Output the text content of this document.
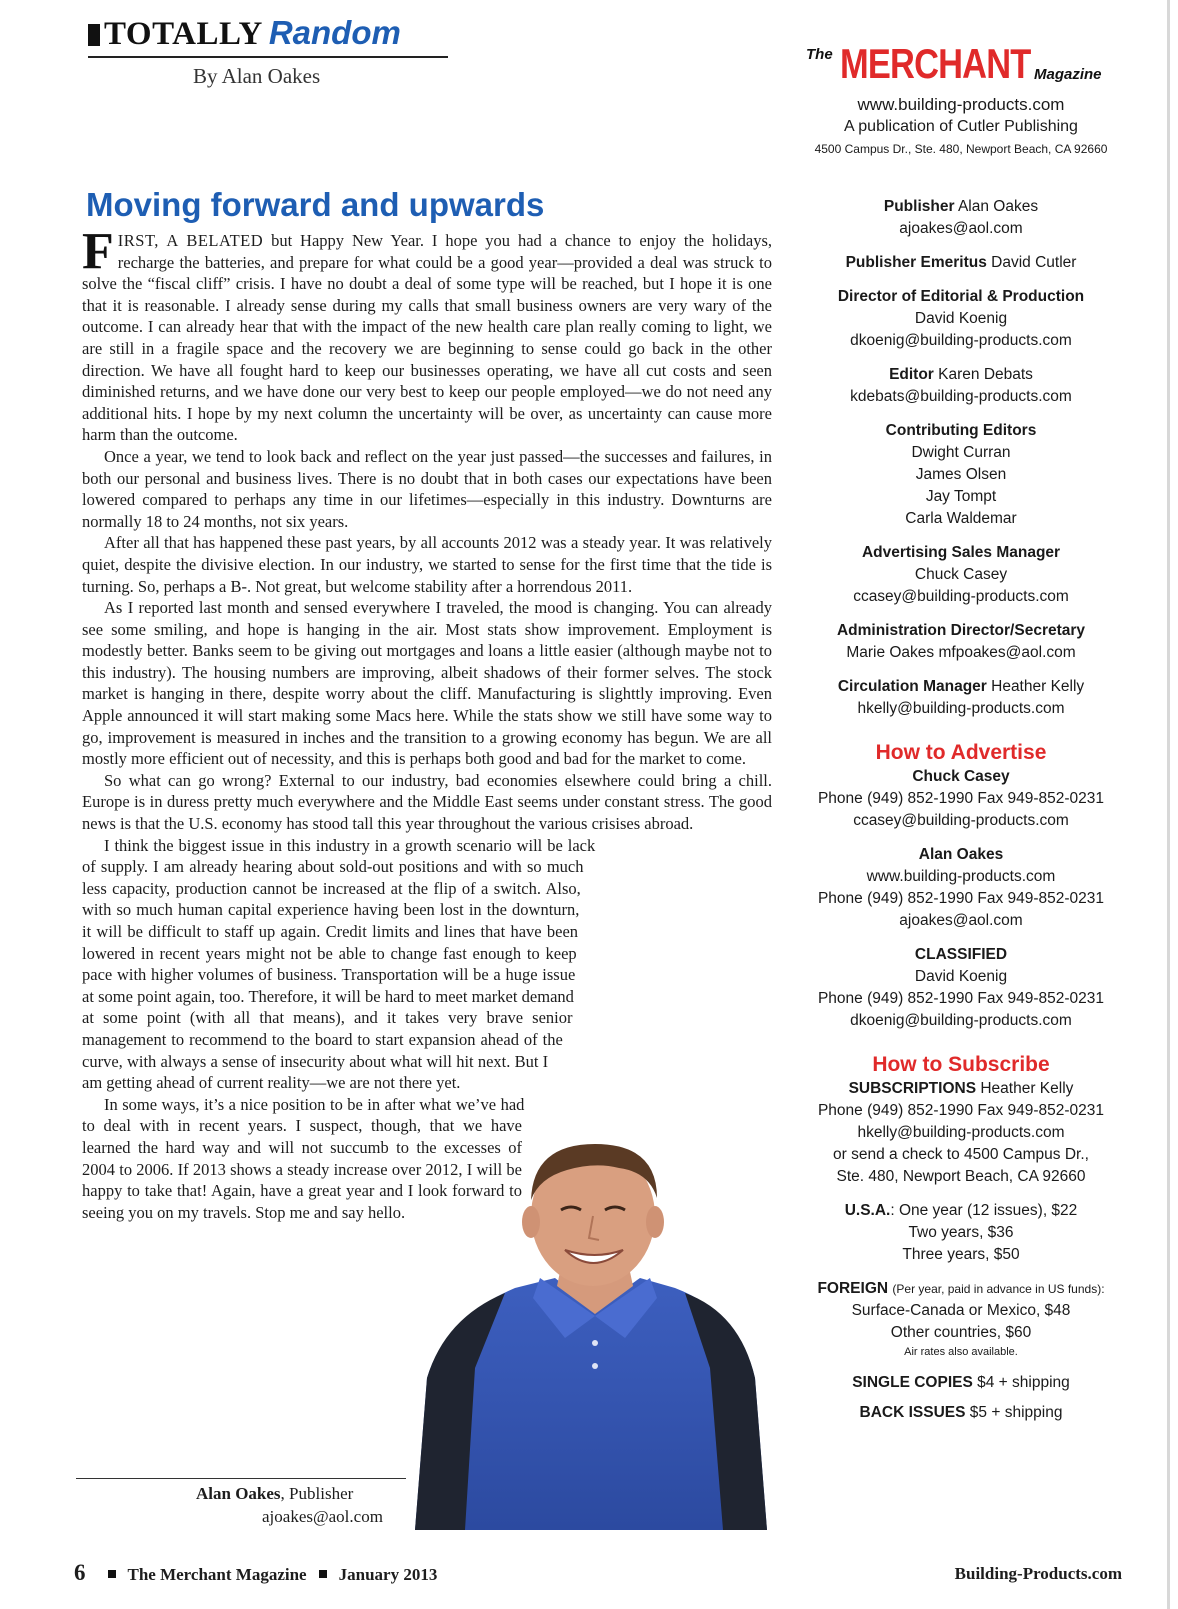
TOTALLY Random
By Alan Oakes
Moving forward and upwards

FIRST, A BELATED but Happy New Year. I hope you had a chance to enjoy the holidays, recharge the batteries, and prepare for what could be a good year—provided a deal was struck to solve the “fiscal cliff” crisis. I have no doubt a deal of some type will be reached, but I hope it is one that it is reasonable. I already sense during my calls that small business owners are very wary of the outcome. I can already hear that with the impact of the new health care plan really coming to light, we are still in a fragile space and the recovery we are beginning to sense could go back in the other direction. We have all fought hard to keep our businesses operating, we have all cut costs and seen diminished returns, and we have done our very best to keep our people employed—we do not need any additional hits. I hope by my next column the uncertainty will be over, as uncertainty can cause more harm than the outcome.

Once a year, we tend to look back and reflect on the year just passed—the successes and failures, in both our personal and business lives. There is no doubt that in both cases our expectations have been lowered compared to perhaps any time in our lifetimes—especially in this industry. Downturns are normally 18 to 24 months, not six years.

After all that has happened these past years, by all accounts 2012 was a steady year. It was relatively quiet, despite the divisive election. In our industry, we started to sense for the first time that the tide is turning. So, perhaps a B-. Not great, but welcome stability after a horrendous 2011.

As I reported last month and sensed everywhere I traveled, the mood is changing. You can already see some smiling, and hope is hanging in the air. Most stats show improvement. Employment is modestly better. Banks seem to be giving out mortgages and loans a little easier (although maybe not to this industry). The housing numbers are improving, albeit shadows of their former selves. The stock market is hanging in there, despite worry about the cliff. Manufacturing is slighttly improving. Even Apple announced it will start making some Macs here. While the stats show we still have some way to go, improvement is measured in inches and the transition to a growing economy has begun. We are all mostly more efficient out of necessity, and this is perhaps both good and bad for the market to come.

So what can go wrong? External to our industry, bad economies elsewhere could bring a chill. Europe is in duress pretty much everywhere and the Middle East seems under constant stress. The good news is that the U.S. economy has stood tall this year throughout the various crisises abroad.

I think the biggest issue in this industry in a growth scenario will be lack of supply. I am already hearing about sold-out positions and with so much less capacity, production cannot be increased at the flip of a switch. Also, with so much human capital experience having been lost in the downturn, it will be difficult to staff up again. Credit limits and lines that have been lowered in recent years might not be able to change fast enough to keep pace with higher volumes of business. Transportation will be a huge issue at some point again, too. Therefore, it will be hard to meet market demand at some point (with all that means), and it takes very brave senior management to recommend to the board to start expansion ahead of the curve, with always a sense of insecurity about what will hit next. But I am getting ahead of current reality—we are not there yet.

In some ways, it’s a nice position to be in after what we’ve had to deal with in recent years. I suspect, though, that we have learned the hard way and will not succumb to the excesses of 2004 to 2006. If 2013 shows a steady increase over 2012, I will be happy to take that! Again, have a great year and I look forward to seeing you on my travels. Stop me and say hello.

Alan Oakes, Publisher
ajoakes@aol.com
6 The Merchant Magazine January 2013	Building-Products.com
The MERCHANT Magazine
www.building-products.com
A publication of Cutler Publishing
4500 Campus Dr., Ste. 480, Newport Beach, CA 92660
Publisher Alan Oakes
ajoakes@aol.com
Publisher Emeritus David Cutler
Director of Editorial & Production
David Koenig
dkoenig@building-products.com
Editor Karen Debats
kdebats@building-products.com
Contributing Editors
Dwight Curran
James Olsen
Jay Tompt
Carla Waldemar
Advertising Sales Manager
Chuck Casey
ccasey@building-products.com
Administration Director/Secretary
Marie Oakes mfpoakes@aol.com
Circulation Manager Heather Kelly
hkelly@building-products.com
How to Advertise
Chuck Casey
Phone (949) 852-1990 Fax 949-852-0231
ccasey@building-products.com
Alan Oakes
www.building-products.com
Phone (949) 852-1990 Fax 949-852-0231
ajoakes@aol.com
CLASSIFIED
David Koenig
Phone (949) 852-1990 Fax 949-852-0231
dkoenig@building-products.com
How to Subscribe
SUBSCRIPTIONS Heather Kelly
Phone (949) 852-1990 Fax 949-852-0231
hkelly@building-products.com
or send a check to 4500 Campus Dr.,
Ste. 480, Newport Beach, CA 92660
U.S.A.: One year (12 issues), $22
Two years, $36
Three years, $50
FOREIGN (Per year, paid in advance in US funds):
Surface-Canada or Mexico, $48
Other countries, $60
Air rates also available.
SINGLE COPIES $4 + shipping
BACK ISSUES $5 + shipping
